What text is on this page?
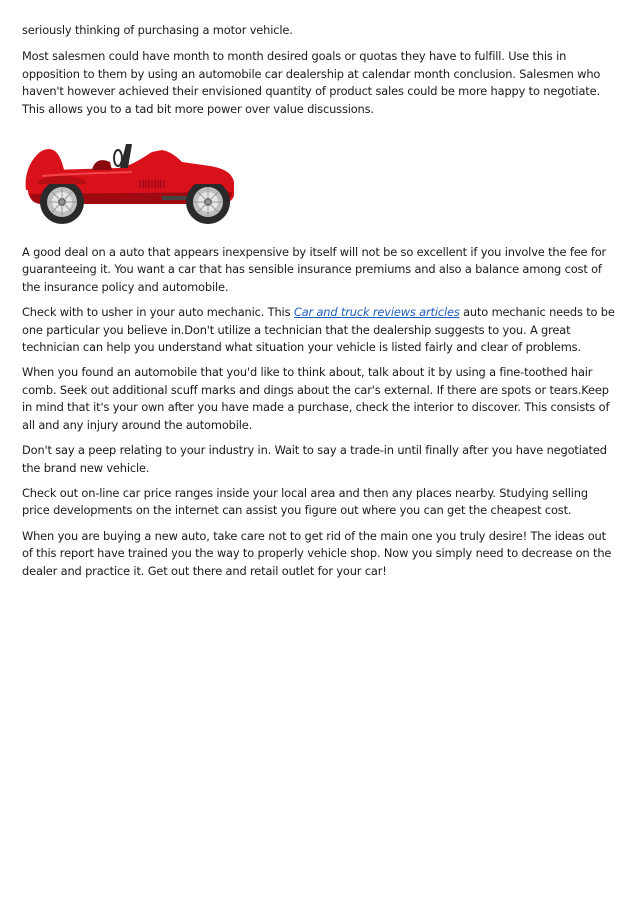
seriously thinking of purchasing a motor vehicle.

Most salesmen could have month to month desired goals or quotas they have to fulfill. Use this in opposition to them by using an automobile car dealership at calendar month conclusion. Salesmen who haven't however achieved their envisioned quantity of product sales could be more happy to negotiate. This allows you to a tad bit more power over value discussions.

A good deal on a auto that appears inexpensive by itself will not be so excellent if you involve the fee for guaranteeing it. You want a car that has sensible insurance premiums and also a balance among cost of the insurance policy and automobile.

Check with to usher in your auto mechanic. This Car and truck reviews articles auto mechanic needs to be one particular you believe in.Don't utilize a technician that the dealership suggests to you. A great technician can help you understand what situation your vehicle is listed fairly and clear of problems.

When you found an automobile that you'd like to think about, talk about it by using a fine-toothed hair comb. Seek out additional scuff marks and dings about the car's external. If there are spots or tears.Keep in mind that it's your own after you have made a purchase, check the interior to discover. This consists of all and any injury around the automobile.

Don't say a peep relating to your industry in. Wait to say a trade-in until finally after you have negotiated the brand new vehicle.

Check out on-line car price ranges inside your local area and then any places nearby. Studying selling price developments on the internet can assist you figure out where you can get the cheapest cost.

When you are buying a new auto, take care not to get rid of the main one you truly desire! The ideas out of this report have trained you the way to properly vehicle shop. Now you simply need to decrease on the dealer and practice it. Get out there and retail outlet for your car!
